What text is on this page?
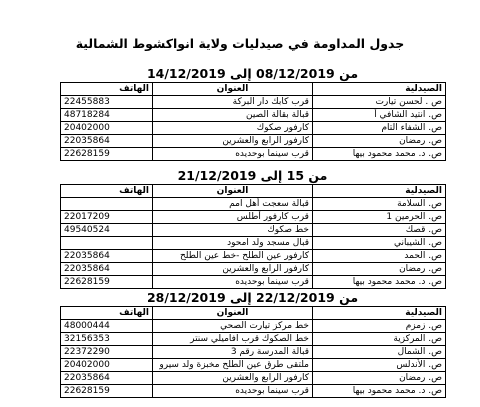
جدول المداومة في صيدليات ولاية انواكشوط الشمالية
من 08/12/2019 إلى 14/12/2019
الهاتف	العنوان	الصيدلية
22455883	قرب كابك دار البركة	ص . لحسن تيارت
48718284	قبالة بقالة الصين	ص. انتيد الشافي أ
20402000	كارفور صكوك	ص. الشفاء التام
22035864	كارفور الرابع والعشرين	ص. رمضان
22628159	قرب سينما بوحديده	ص. د. محمد محمود بيها
من 15 إلى 21/12/2019
الهاتف	العنوان	الصيدلية
	قبالة سعجت أهل امم	ص. السلامة
22017209	قرب كارفور أطلس	ص. الحرمين 1
49540524	خط صكوك	ص. قصك
	قبال مسجد ولد امحود	ص. الشيباني
22035864	كارفور عين الطلح -خط عين الطلح	ص. الحمد
22035864	كارفور الرابع والعشرين	ص. رمضان
22628159	قرب سينما بوحديده	ص. د. محمد محمود بيها
من 22/12/2019 إلى 28/12/2019
الهاتف	العنوان	الصيدلية
48000444	خط مركز تيارت الصحي	ص. زمزم
32156353	خط الصكوك قرب افاميلي سنتر	ص. المركزية
22372290	قبالة المدرسة رقم 3	ص. الشمال
20402000	ملتقى طرق عين الطلح مخبزة ولد سيرو	ص. الأندلس
22035864	كارفور الرابع والعشرين	ص. رمضان
22628159	قرب سينما بوحديده	ص. د. محمد محمود بيها
